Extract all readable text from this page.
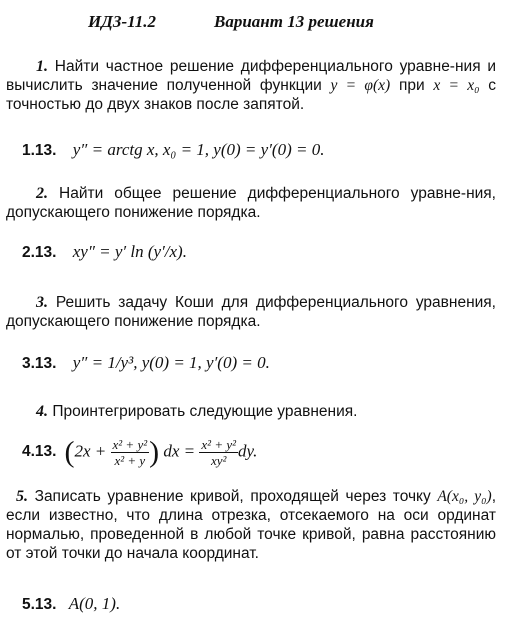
ИДЗ-11.2	Вариант 13 решения
1. Найти частное решение дифференциального уравне-ния и вычислить значение полученной функции y = φ(x) при x = x₀ с точностью до двух знаков после запятой.
1.13. y″ = arctg x, x₀ = 1, y(0) = y′(0) = 0.
2. Найти общее решение дифференциального уравне-ния, допускающего понижение порядка.
2.13. xy″ = y′ ln (y′/x).
3. Решить задачу Коши для дифференциального уравнения, допускающего понижение порядка.
3.13. y″ = 1/y³, y(0) = 1, y′(0) = 0.
4. Проинтегрировать следующие уравнения.
4.13. ($2x + \frac{\text{x² + y²}}{\text{x² + y}}$ ) dx = $\frac{\text{x² + y²}}{\text{xy²}}$ dy.
5. Записать уравнение кривой, проходящей через точку A(x₀, y₀), если известно, что длина отрезка, отсекаемого на оси ординат нормалью, проведенной в любой точке кривой, равна расстоянию от этой точки до начала координат.
5.13. A(0, 1).
